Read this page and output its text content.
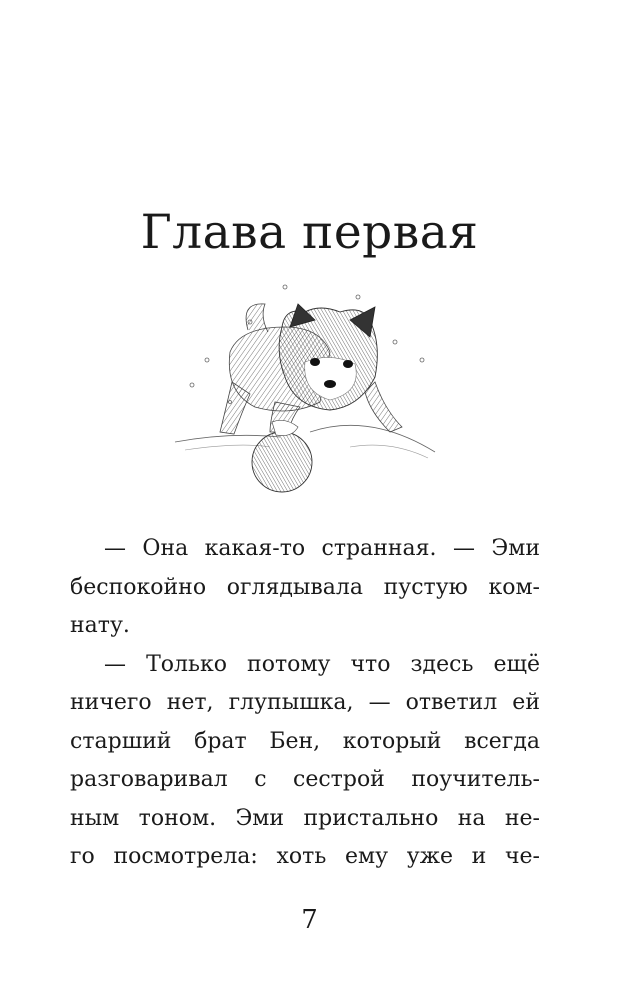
Глава первая
— Она какая-то странная. — Эми
беспокойно оглядывала пустую ком-
нату.
— Только потому что здесь ещё
ничего нет, глупышка, — ответил ей
старший брат Бен, который всегда
разговаривал с сестрой поучитель-
ным тоном. Эми пристально на не-
го посмотрела: хоть ему уже и че-
7
